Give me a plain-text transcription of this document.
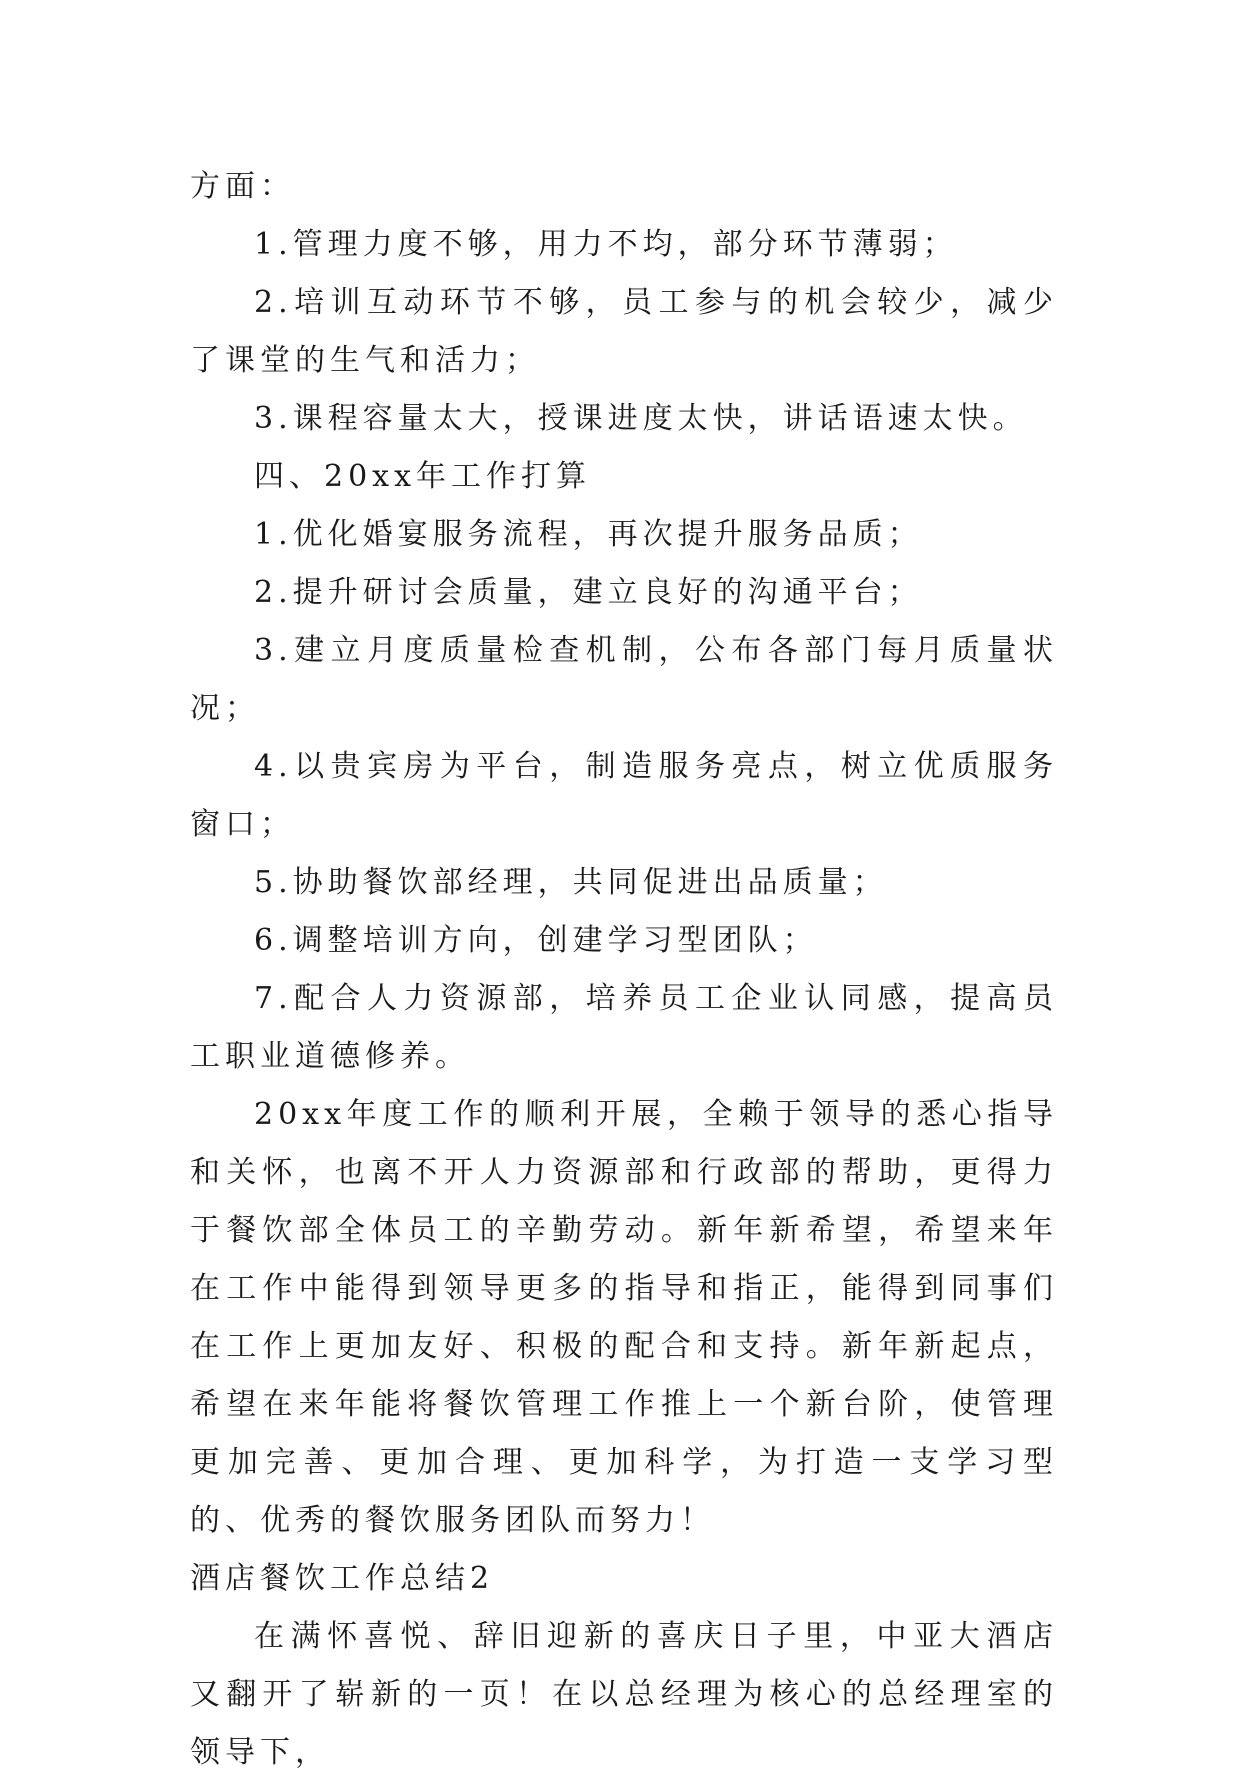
方面：

1.管理力度不够，用力不均，部分环节薄弱；

2.培训互动环节不够，员工参与的机会较少，减少了课堂的生气和活力；

3.课程容量太大，授课进度太快，讲话语速太快。

四、20xx年工作打算

1.优化婚宴服务流程，再次提升服务品质；

2.提升研讨会质量，建立良好的沟通平台；

3.建立月度质量检查机制，公布各部门每月质量状况；

4.以贵宾房为平台，制造服务亮点，树立优质服务窗口；

5.协助餐饮部经理，共同促进出品质量；

6.调整培训方向，创建学习型团队；

7.配合人力资源部，培养员工企业认同感，提高员工职业道德修养。

20xx年度工作的顺利开展，全赖于领导的悉心指导和关怀，也离不开人力资源部和行政部的帮助，更得力于餐饮部全体员工的辛勤劳动。新年新希望，希望来年在工作中能得到领导更多的指导和指正，能得到同事们在工作上更加友好、积极的配合和支持。新年新起点，希望在来年能将餐饮管理工作推上一个新台阶，使管理更加完善、更加合理、更加科学，为打造一支学习型的、优秀的餐饮服务团队而努力！

酒店餐饮工作总结2

在满怀喜悦、辞旧迎新的喜庆日子里，中亚大酒店又翻开了崭新的一页！在以总经理为核心的总经理室的领导下，
